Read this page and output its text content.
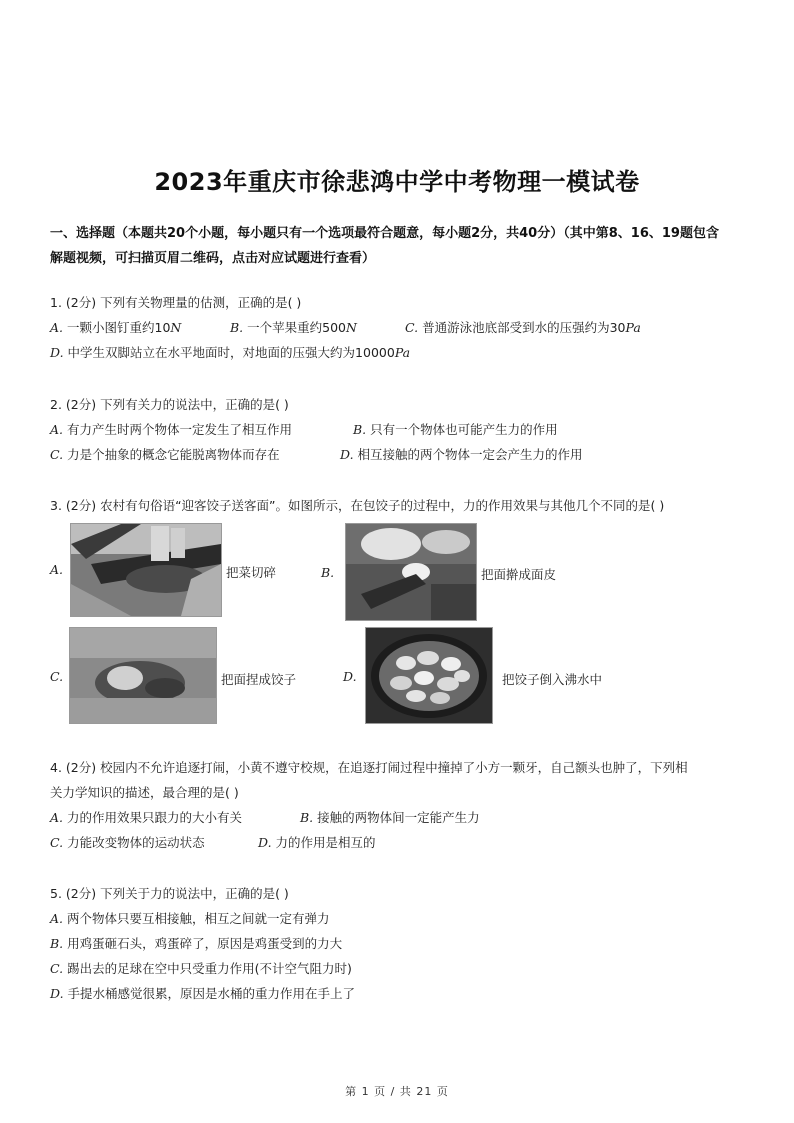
2023年重庆市徐悲鸿中学中考物理一模试卷
一、选择题（本题共20个小题，每小题只有一个选项最符合题意，每小题2分，共40分）（其中第8、16、19题包含
解题视频，可扫描页眉二维码，点击对应试题进行查看）
1. (2分) 下列有关物理量的估测，正确的是( )
A. 一颗小图钉重约10N	B. 一个苹果重约500N	C. 普通游泳池底部受到水的压强约为30Pa
D.
中学生双脚站立在水平地面时，对地面的压强大约为10000 Pa
2. (2分) 下列有关力的说法中，正确的是( )
A. 有力产生时两个物体一定发生了相互作用	B. 只有一个物体也可能产生力的作用
C. 力是个抽象的概念它能脱离物体而存在	D. 相互接触的两个物体一定会产生力的作用
3. (2分) 农村有句俗语“迎客饺子送客面”。如图所示，在包饺子的过程中，力的作用效果与其他几个不同的是( )
A.	把菜切碎	B.	把面擀成面皮
C.	把面捏成饺子	D.	把饺子倒入沸水中
4. (2分) 校园内不允许追逐打闹，小黄不遵守校规，在追逐打闹过程中撞掉了小方一颗牙，自己额头也肿了，下列相
关力学知识的描述，最合理的是( )
A. 力的作用效果只跟力的大小有关	B. 接触的两物体间一定能产生力
C. 力能改变物体的运动状态	D. 力的作用是相互的
5. (2分) 下列关于力的说法中，正确的是( )
A.
两个物体只要互相接触，相互之间就一定有弹力
B.
用鸡蛋砸石头，鸡蛋碎了，原因是鸡蛋受到的力大
C.
踢出去的足球在空中只受重力作用(不计空气阻力时)
D.
手提水桶感觉很累，原因是水桶的重力作用在手上了
第 1 页 / 共 21 页
